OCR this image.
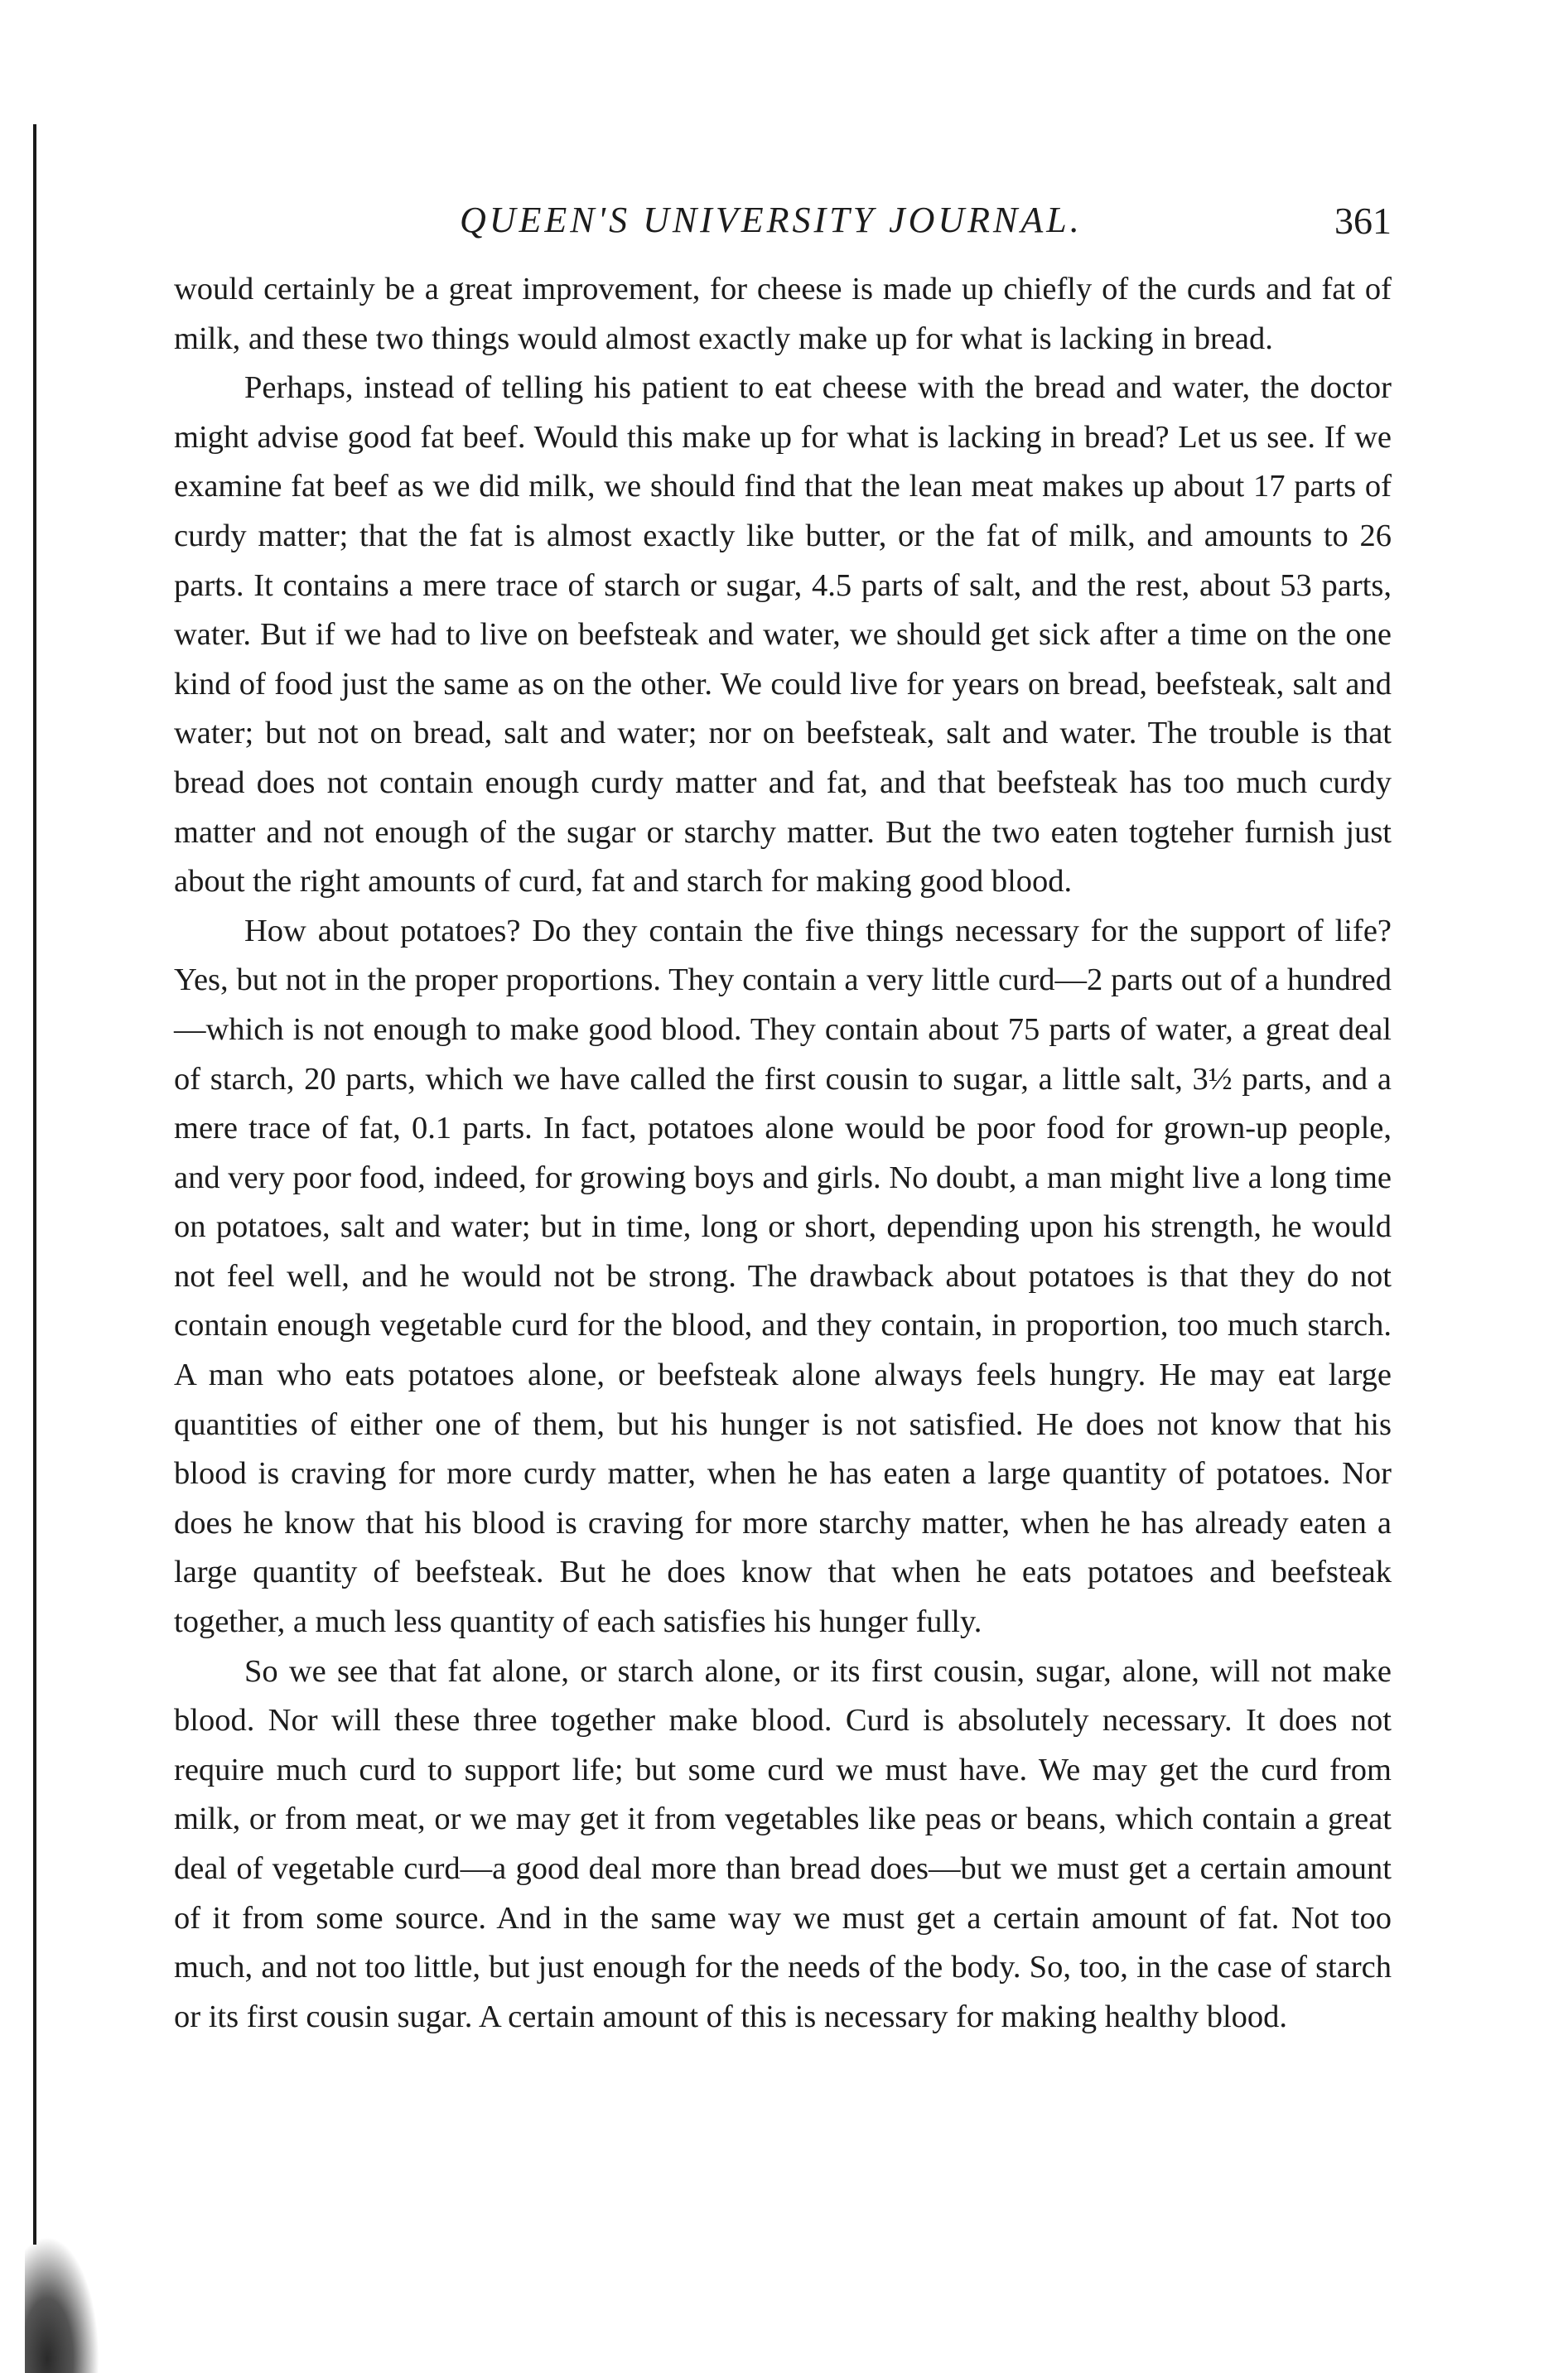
QUEEN'S UNIVERSITY JOURNAL.	361

would certainly be a great improvement, for cheese is made up chiefly of the curds and fat of milk, and these two things would almost exactly make up for what is lacking in bread.

Perhaps, instead of telling his patient to eat cheese with the bread and water, the doctor might advise good fat beef. Would this make up for what is lacking in bread? Let us see. If we examine fat beef as we did milk, we should find that the lean meat makes up about 17 parts of curdy matter; that the fat is almost exactly like butter, or the fat of milk, and amounts to 26 parts. It contains a mere trace of starch or sugar, 4.5 parts of salt, and the rest, about 53 parts, water. But if we had to live on beefsteak and water, we should get sick after a time on the one kind of food just the same as on the other. We could live for years on bread, beefsteak, salt and water; but not on bread, salt and water; nor on beefsteak, salt and water. The trouble is that bread does not contain enough curdy matter and fat, and that beefsteak has too much curdy matter and not enough of the sugar or starchy matter. But the two eaten togteher furnish just about the right amounts of curd, fat and starch for making good blood.

How about potatoes? Do they contain the five things necessary for the support of life? Yes, but not in the proper proportions. They contain a very little curd—2 parts out of a hundred—which is not enough to make good blood. They contain about 75 parts of water, a great deal of starch, 20 parts, which we have called the first cousin to sugar, a little salt, 3½ parts, and a mere trace of fat, 0.1 parts. In fact, potatoes alone would be poor food for grown-up people, and very poor food, indeed, for growing boys and girls. No doubt, a man might live a long time on potatoes, salt and water; but in time, long or short, depending upon his strength, he would not feel well, and he would not be strong. The drawback about potatoes is that they do not contain enough vegetable curd for the blood, and they contain, in proportion, too much starch. A man who eats potatoes alone, or beefsteak alone always feels hungry. He may eat large quantities of either one of them, but his hunger is not satisfied. He does not know that his blood is craving for more curdy matter, when he has eaten a large quantity of potatoes. Nor does he know that his blood is craving for more starchy matter, when he has already eaten a large quantity of beefsteak. But he does know that when he eats potatoes and beefsteak together, a much less quantity of each satisfies his hunger fully.

So we see that fat alone, or starch alone, or its first cousin, sugar, alone, will not make blood. Nor will these three together make blood. Curd is absolutely necessary. It does not require much curd to support life; but some curd we must have. We may get the curd from milk, or from meat, or we may get it from vegetables like peas or beans, which contain a great deal of vegetable curd—a good deal more than bread does—but we must get a certain amount of it from some source. And in the same way we must get a certain amount of fat. Not too much, and not too little, but just enough for the needs of the body. So, too, in the case of starch or its first cousin sugar. A certain amount of this is necessary for making healthy blood.
